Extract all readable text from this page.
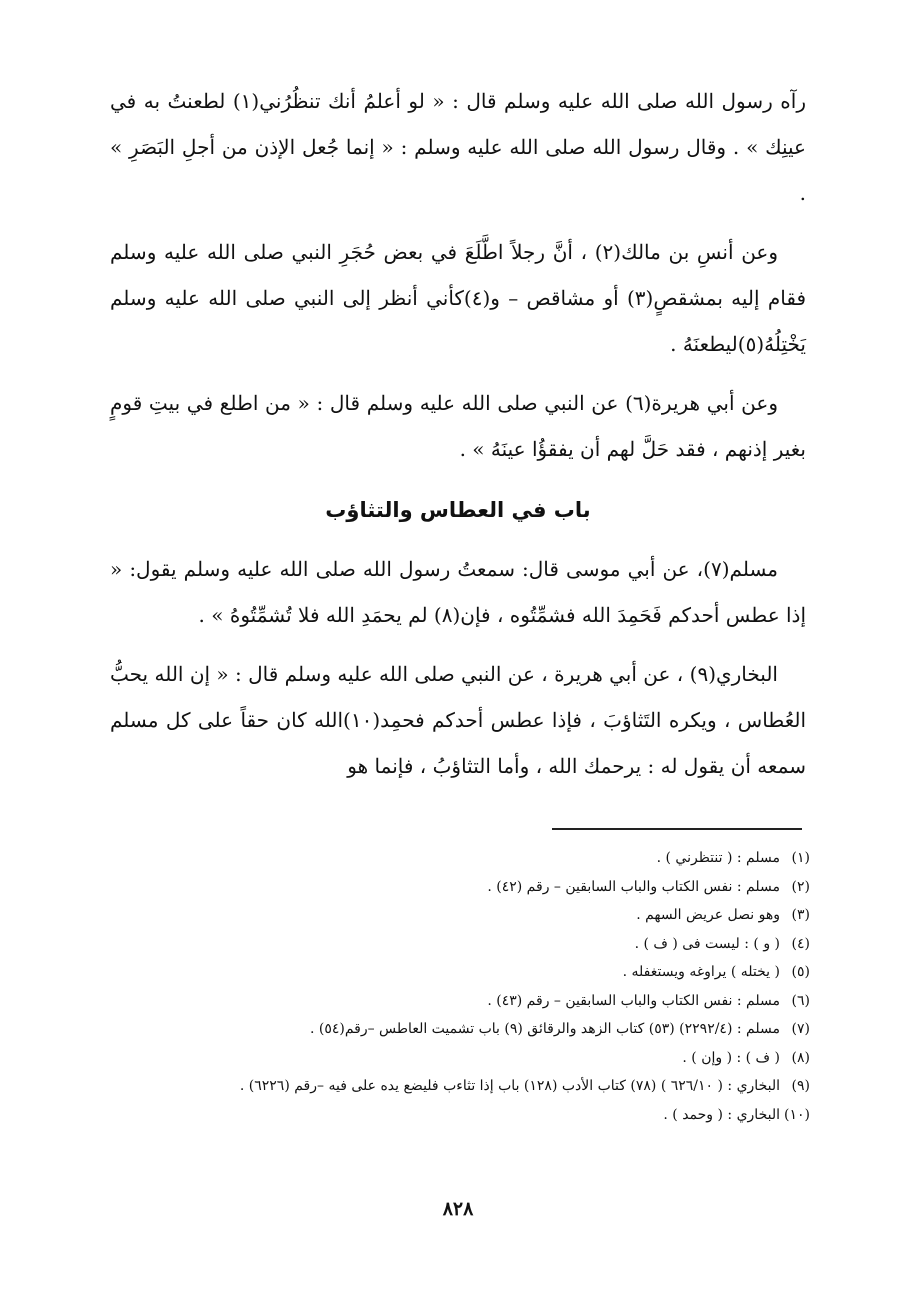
رآه رسول الله صلى الله عليه وسلم قال : « لو أعلمُ أنك تنظُرُني(١) لطعنتُ به في عينِك » . وقال رسول الله صلى الله عليه وسلم : « إنما جُعل الإذن من أجلِ البَصَرِ » .

وعن أنسِ بن مالك(٢) ، أنَّ رجلاً اطَّلَعَ في بعض حُجَرِ النبي صلى الله عليه وسلم فقام إليه بمشقصٍ(٣) أو مشاقص – و(٤)كأني أنظر إلى النبي صلى الله عليه وسلم يَخْتِلُهُ(٥)ليطعنَهُ .

وعن أبي هريرة(٦) عن النبي صلى الله عليه وسلم قال : « من اطلع في بيتِ قومٍ بغير إذنهم ، فقد حَلَّ لهم أن يفقؤُا عينَهُ » .

باب في العطاس والتثاؤب

مسلم(٧)، عن أبي موسى قال: سمعتُ رسول الله صلى الله عليه وسلم يقول: « إذا عطس أحدكم فَحَمِدَ الله فشمِّتُوه ، فإن(٨) لم يحمَدِ الله فلا تُشمِّتُوهُ » .

البخاري(٩) ، عن أبي هريرة ، عن النبي صلى الله عليه وسلم قال : « إن الله يحبُّ العُطاس ، ويكره التَثاؤبَ ، فإذا عطس أحدكم فحمِد(١٠)الله كان حقاً على كل مسلم سمعه أن يقول له : يرحمك الله ، وأما التثاؤبُ ، فإنما هو

(١)
مسلم : ( تنتظرني ) .
(٢)
مسلم : نفس الكتاب والباب السابقين – رقم (٤٢) .
(٣)
وهو نصل عريض السهم .
(٤)
( و ) : ليست فى ( ف ) .
(٥)
( يختله ) يراوغه ويستغفله .
(٦)
مسلم : نفس الكتاب والباب السابقين – رقم (٤٣) .
(٧)
مسلم : (٢٢٩٢/٤) (٥٣) كتاب الزهد والرقائق (٩) باب تشميت العاطس –رقم(٥٤) .
(٨)
( ف ) : ( وإن ) .
(٩)
البخاري : ( ٦٢٦/١٠ ) (٧٨) كتاب الأدب (١٢٨) باب إذا تثاءب فليضع يده على فيه –رقم (٦٢٢٦) .
(١٠)
البخاري : ( وحمد ) .
٨٢٨
